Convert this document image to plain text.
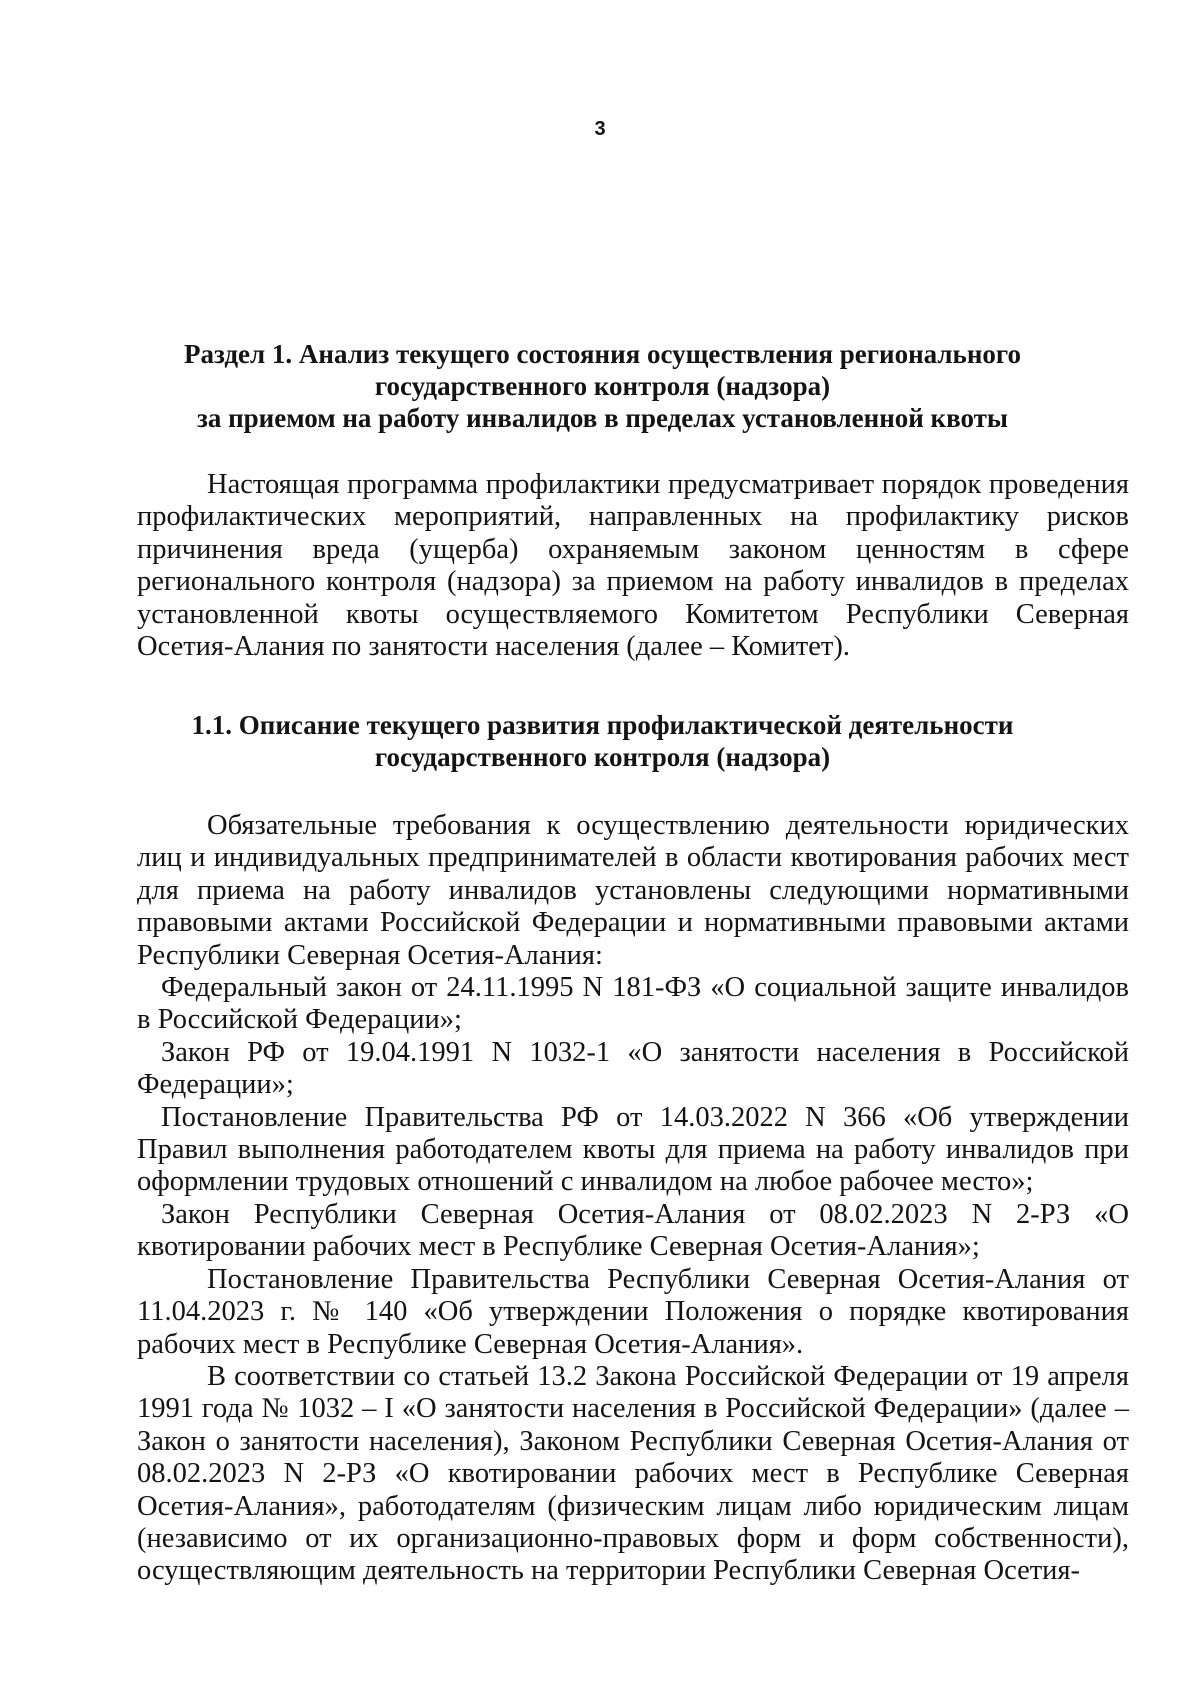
3
Раздел 1. Анализ текущего состояния осуществления регионального
государственного контроля (надзора)
за приемом на работу инвалидов в пределах установленной квоты

Настоящая программа профилактики предусматривает порядок проведения профилактических мероприятий, направленных на профилактику рисков причинения вреда (ущерба) охраняемым законом ценностям в сфере регионального контроля (надзора) за приемом на работу инвалидов в пределах установленной квоты осуществляемого Комитетом Республики Северная Осетия-Алания по занятости населения (далее – Комитет).

1.1. Описание текущего развития профилактической деятельности
государственного контроля (надзора)

Обязательные требования к осуществлению деятельности юридических лиц и индивидуальных предпринимателей в области квотирования рабочих мест для приема на работу инвалидов установлены следующими нормативными правовыми актами Российской Федерации и нормативными правовыми актами Республики Северная Осетия-Алания:

Федеральный закон от 24.11.1995 N 181-ФЗ «О социальной защите инвалидов в Российской Федерации»;

Закон РФ от 19.04.1991 N 1032-1 «О занятости населения в Российской Федерации»;

Постановление Правительства РФ от 14.03.2022 N 366 «Об утверждении Правил выполнения работодателем квоты для приема на работу инвалидов при оформлении трудовых отношений с инвалидом на любое рабочее место»;

Закон Республики Северная Осетия-Алания от 08.02.2023 N 2-РЗ «О квотировании рабочих мест в Республике Северная Осетия-Алания»;

Постановление Правительства Республики Северная Осетия-Алания от 11.04.2023 г. № 140 «Об утверждении Положения о порядке квотирования рабочих мест в Республике Северная Осетия-Алания».

В соответствии со статьей 13.2 Закона Российской Федерации от 19 апреля 1991 года № 1032 – I «О занятости населения в Российской Федерации» (далее – Закон о занятости населения), Законом Республики Северная Осетия-Алания от 08.02.2023 N 2-РЗ «О квотировании рабочих мест в Республике Северная Осетия-Алания», работодателям (физическим лицам либо юридическим лицам (независимо от их организационно-правовых форм и форм собственности), осуществляющим деятельность на территории Республики Северная Осетия-
